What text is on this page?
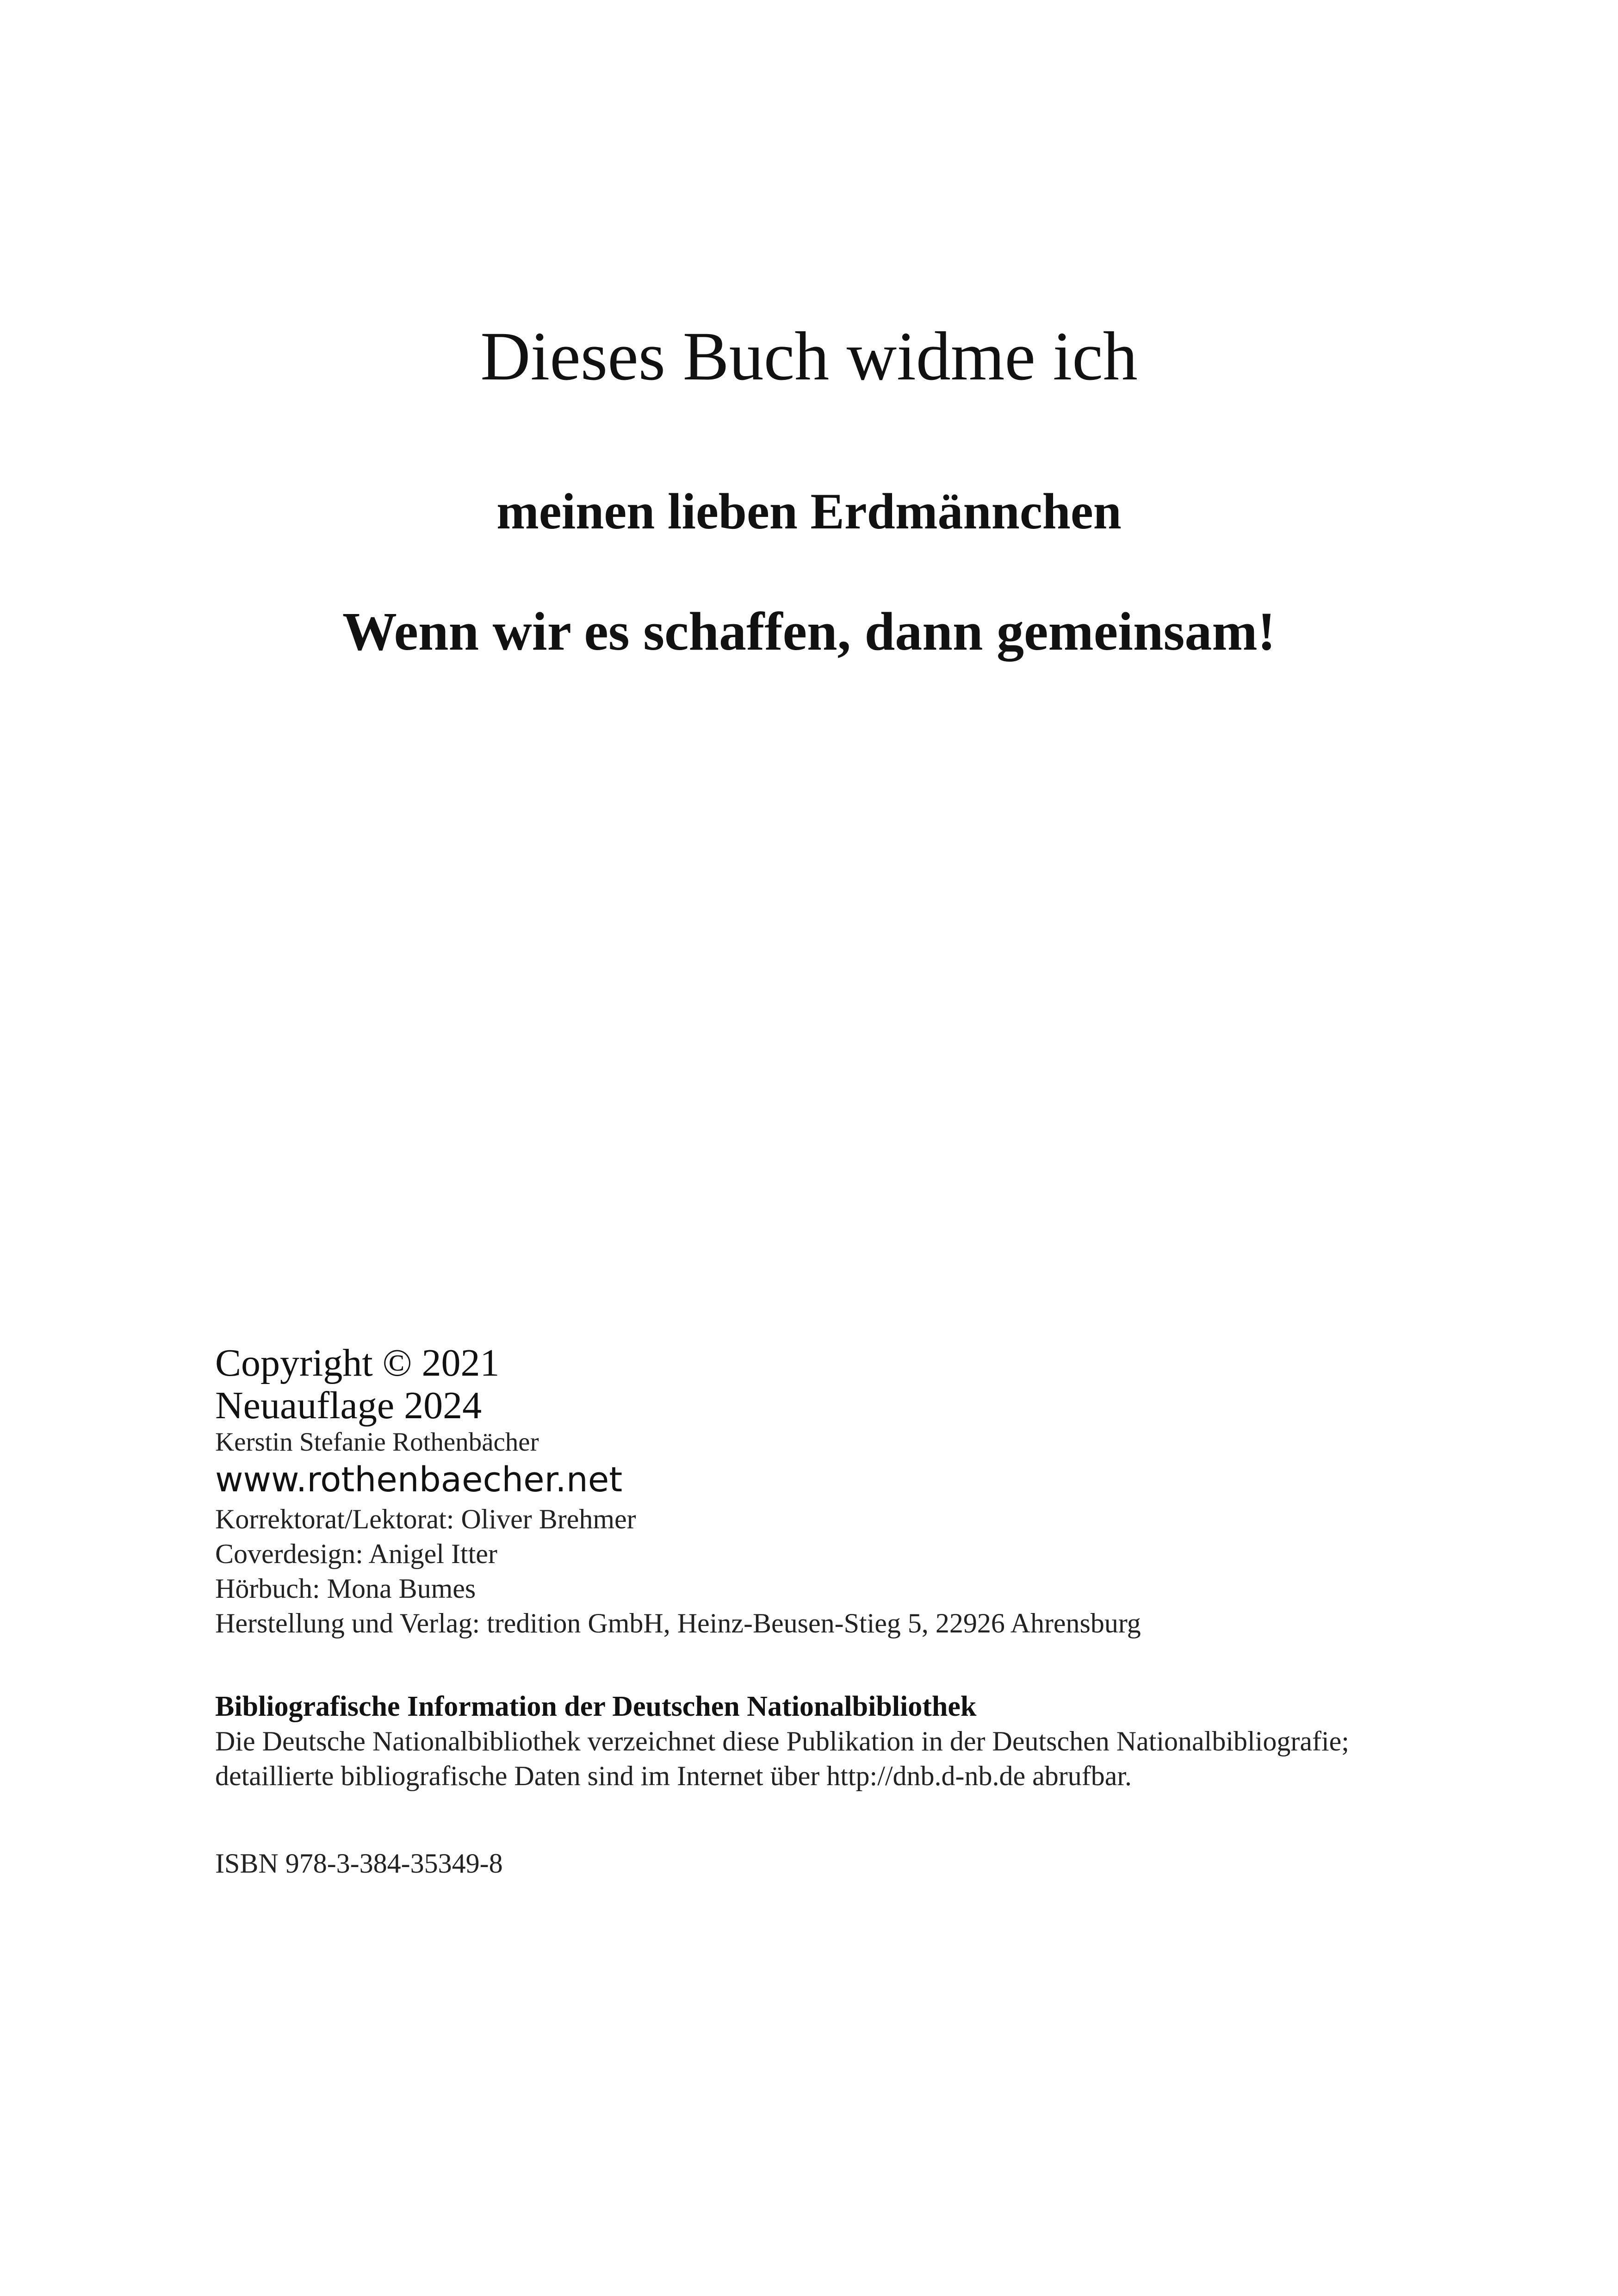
Dieses Buch widme ich
meinen lieben Erdmännchen
Wenn wir es schaffen, dann gemeinsam!
Copyright © 2021
Neuauflage 2024
Kerstin Stefanie Rothenbächer
www.rothenbaecher.net
Korrektorat/Lektorat: Oliver Brehmer
Coverdesign: Anigel Itter
Hörbuch: Mona Bumes
Herstellung und Verlag: tredition GmbH, Heinz-Beusen-Stieg 5, 22926 Ahrensburg
Bibliografische Information der Deutschen Nationalbibliothek
Die Deutsche Nationalbibliothek verzeichnet diese Publikation in der Deutschen Nationalbibliografie;
detaillierte bibliografische Daten sind im Internet über http://dnb.d-nb.de abrufbar.
ISBN 978-3-384-35349-8
